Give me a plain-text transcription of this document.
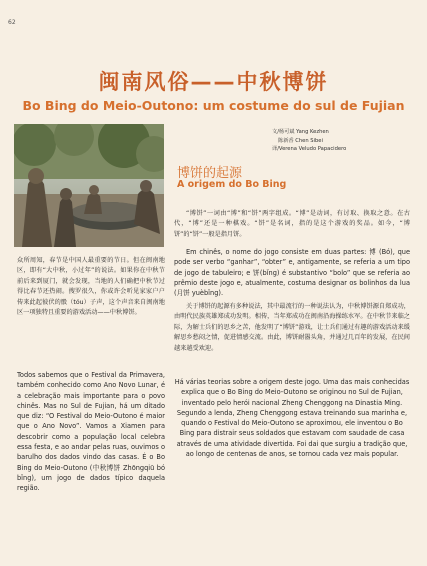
62
闽南风俗——中秋博饼
Bo Bing do Meio-Outono: um costume do sul de Fujian
文/杨可斌 Yang Kezhen
陈新香 Chen Sibei
译/Verena Veludo Papacidero
博饼的起源
A origem do Bo Bing
众所周知，春节是中国人最重要的节日。但在闽南地区，即有“大中秋，小过年”的说法。如果你在中秋节前后来到厦门，就会发现，当地的人们确把中秋节过得比春节还热闹。搜罗很久，你或许会听见家家户户传来此起彼伏的骰（tóu）子声，这个声音来自闽南地区一项独特且重要的游戏活动——中秋博饼。
Todos sabemos que o Festival da Primavera, também conhecido como Ano Novo Lunar, é a celebração mais importante para o povo chinês. Mas no Sul de Fujian, há um ditado que diz: “O Festival do Meio-Outono é maior que o Ano Novo”. Vamos a Xiamen para descobrir como a população local celebra essa festa, e ao andar pelas ruas, ouvimos o barulho dos dados vindo das casas. É o Bo Bing do Meio-Outono (中秋博饼 Zhōngqiū bó bǐng), um jogo de dados típico daquela região.
“博饼”一词由“博”和“饼”两字组成。“博”是动词，有讨取、换取之意。在古代，“博”还是一种棋戏。“饼”是名词，指的是这个游戏的奖品。如今，“博饼”的“饼”一般是指月饼。
Em chinês, o nome do jogo consiste em duas partes: 博 (Bó), que pode ser verbo “ganhar”, “obter” e, antigamente, se referia a um tipo de jogo de tabuleiro; e 饼(bǐng) é substantivo “bolo” que se referia ao prêmio deste jogo e, atualmente, costuma designar os bolinhos da lua (月饼 yuèbǐng).
关于博饼的起源有多种说法，其中最流行的一种说法认为，中秋博饼源自郑成功，由明代民族英雄郑成功发明。相传，当年郑成功在闽南沿海操练水军。在中秋节来临之际，为解士兵们的思乡之苦，他发明了“博饼”游戏，让士兵们通过有趣的游戏活动来缓解思乡愁闷之情，促进情感交流。由此，博饼耐嚣头角，并通过几百年的发展，在民间越来越受欢迎。
Há várias teorias sobre a origem deste jogo. Uma das mais conhecidas explica que o Bo Bing do Meio-Outono se originou no Sul de Fujian, inventado pelo herói nacional Zheng Chenggong na Dinastia Ming. Segundo a lenda, Zheng Chenggong estava treinando sua marinha e, quando o Festival do Meio-Outono se aproximou, ele inventou o Bo Bing para distrair seus soldados que estavam com saudade de casa através de uma atividade divertida. Foi dai que surgiu a tradição que, ao longo de centenas de anos, se tornou cada vez mais popular.
